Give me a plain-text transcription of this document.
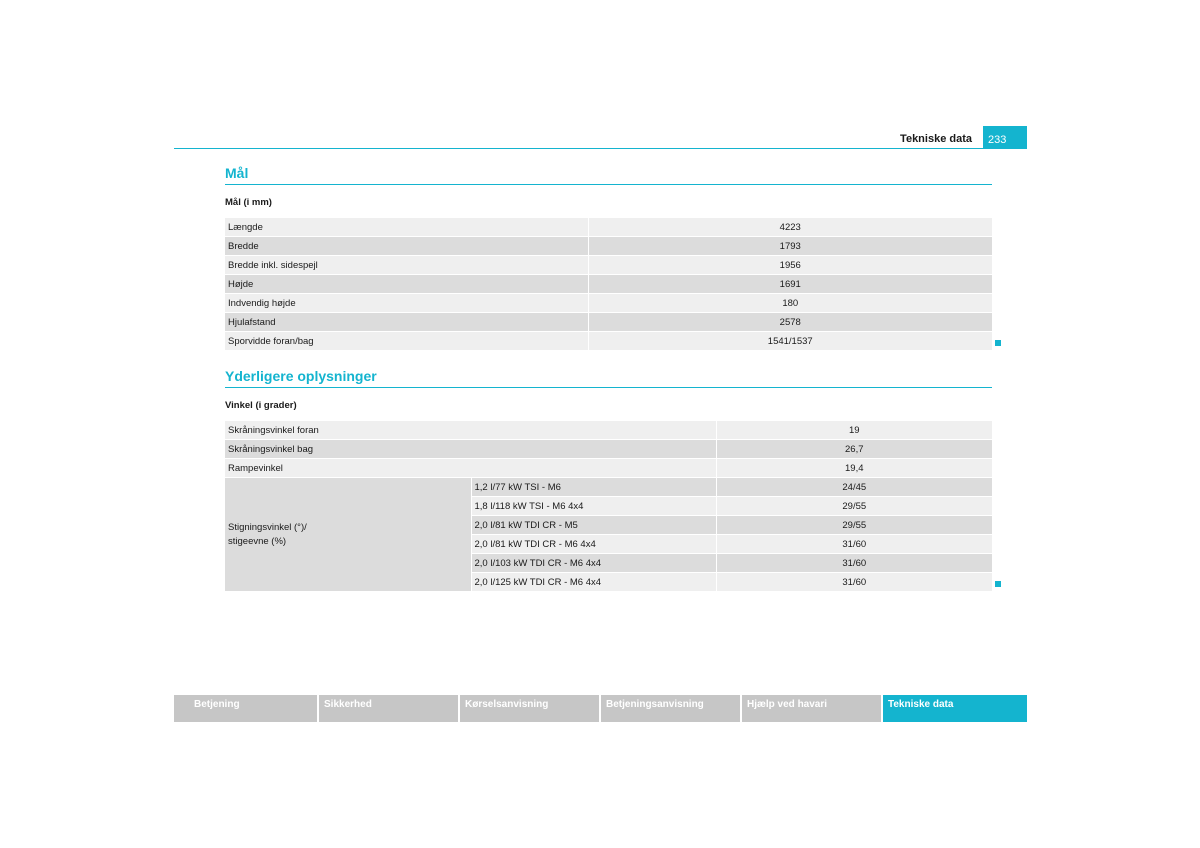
Tekniske data	233
Mål
Mål (i mm)
Længde	4223
Bredde	1793
Bredde inkl. sidespejl	1956
Højde	1691
Indvendig højde	180
Hjulafstand	2578
Sporvidde foran/bag	1541/1537
Yderligere oplysninger
Vinkel (i grader)
Skråningsvinkel foran		19
Skråningsvinkel bag		26,7
Rampevinkel		19,4
Stigningsvinkel (°)/
stigeevne (%)	1,2 l/77 kW TSI - M6	24/45
	1,8 l/118 kW TSI - M6 4x4	29/55
	2,0 l/81 kW TDI CR - M5	29/55
	2,0 l/81 kW TDI CR - M6 4x4	31/60
	2,0 l/103 kW TDI CR - M6 4x4	31/60
	2,0 l/125 kW TDI CR - M6 4x4	31/60
Betjening	Sikkerhed	Kørselsanvisning	Betjeningsanvisning	Hjælp ved havari	Tekniske data
